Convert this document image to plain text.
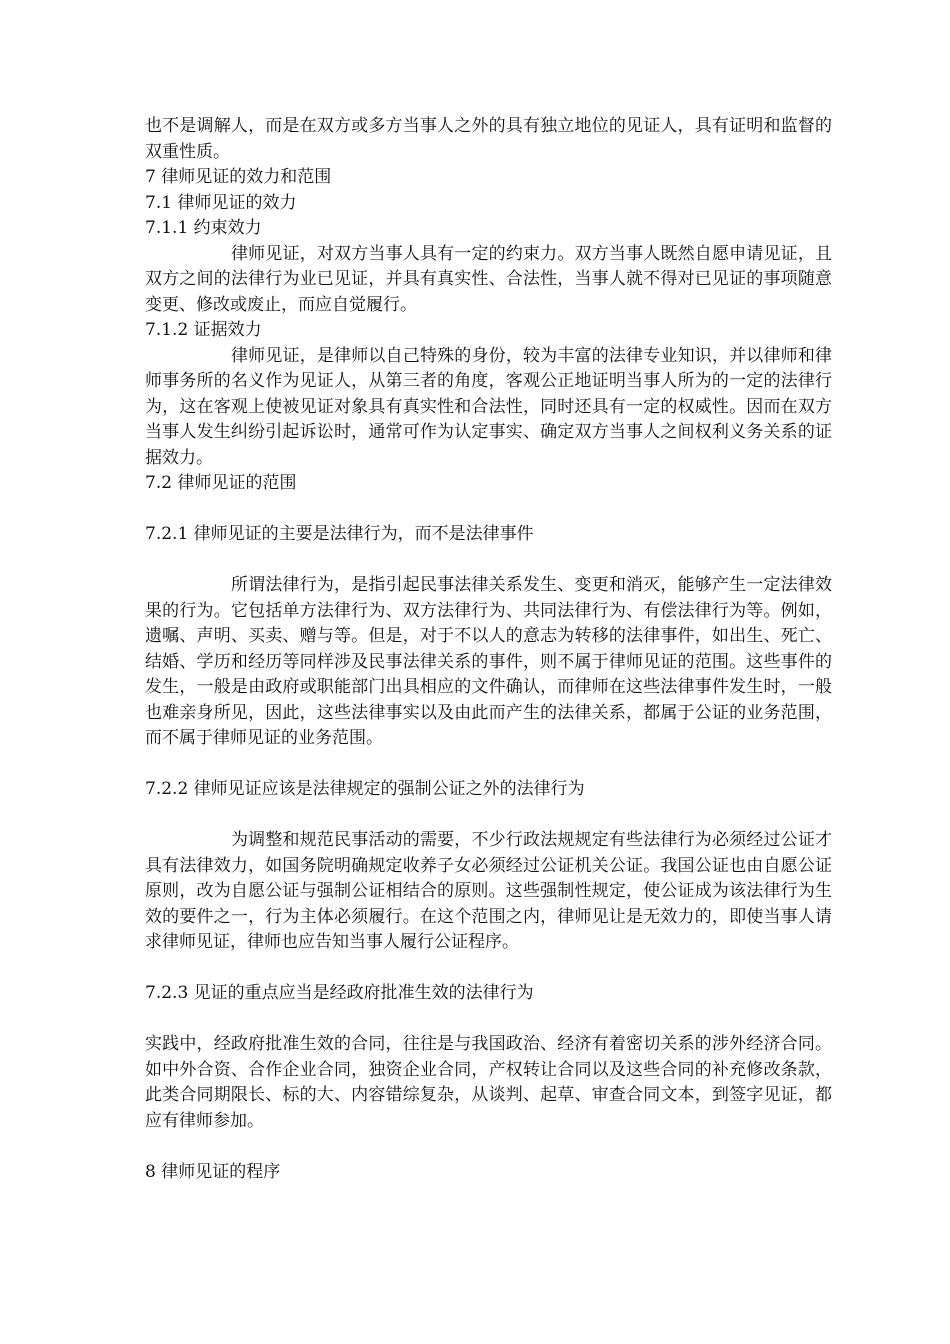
也不是调解人，而是在双方或多方当事人之外的具有独立地位的见证人，具有证明和监督的双重性质。

7 律师见证的效力和范围

7.1 律师见证的效力

7.1.1 约束效力

律师见证，对双方当事人具有一定的约束力。双方当事人既然自愿申请见证，且双方之间的法律行为业已见证，并具有真实性、合法性，当事人就不得对已见证的事项随意变更、修改或废止，而应自觉履行。

7.1.2 证据效力

律师见证，是律师以自己特殊的身份，较为丰富的法律专业知识，并以律师和律师事务所的名义作为见证人，从第三者的角度，客观公正地证明当事人所为的一定的法律行为，这在客观上使被见证对象具有真实性和合法性，同时还具有一定的权威性。因而在双方当事人发生纠纷引起诉讼时，通常可作为认定事实、确定双方当事人之间权利义务关系的证据效力。

7.2 律师见证的范围

7.2.1 律师见证的主要是法律行为，而不是法律事件

所谓法律行为，是指引起民事法律关系发生、变更和消灭，能够产生一定法律效果的行为。它包括单方法律行为、双方法律行为、共同法律行为、有偿法律行为等。例如，遗嘱、声明、买卖、赠与等。但是，对于不以人的意志为转移的法律事件，如出生、死亡、结婚、学历和经历等同样涉及民事法律关系的事件，则不属于律师见证的范围。这些事件的发生，一般是由政府或职能部门出具相应的文件确认，而律师在这些法律事件发生时，一般也难亲身所见，因此，这些法律事实以及由此而产生的法律关系，都属于公证的业务范围，而不属于律师见证的业务范围。

7.2.2 律师见证应该是法律规定的强制公证之外的法律行为

为调整和规范民事活动的需要，不少行政法规规定有些法律行为必须经过公证才具有法律效力，如国务院明确规定收养子女必须经过公证机关公证。我国公证也由自愿公证原则，改为自愿公证与强制公证相结合的原则。这些强制性规定，使公证成为该法律行为生效的要件之一，行为主体必须履行。在这个范围之内，律师见让是无效力的，即使当事人请求律师见证，律师也应告知当事人履行公证程序。

7.2.3 见证的重点应当是经政府批准生效的法律行为

实践中，经政府批准生效的合同，往往是与我国政治、经济有着密切关系的涉外经济合同。如中外合资、合作企业合同，独资企业合同，产权转让合同以及这些合同的补充修改条款，此类合同期限长、标的大、内容错综复杂，从谈判、起草、审查合同文本，到签字见证，都应有律师参加。

8 律师见证的程序
